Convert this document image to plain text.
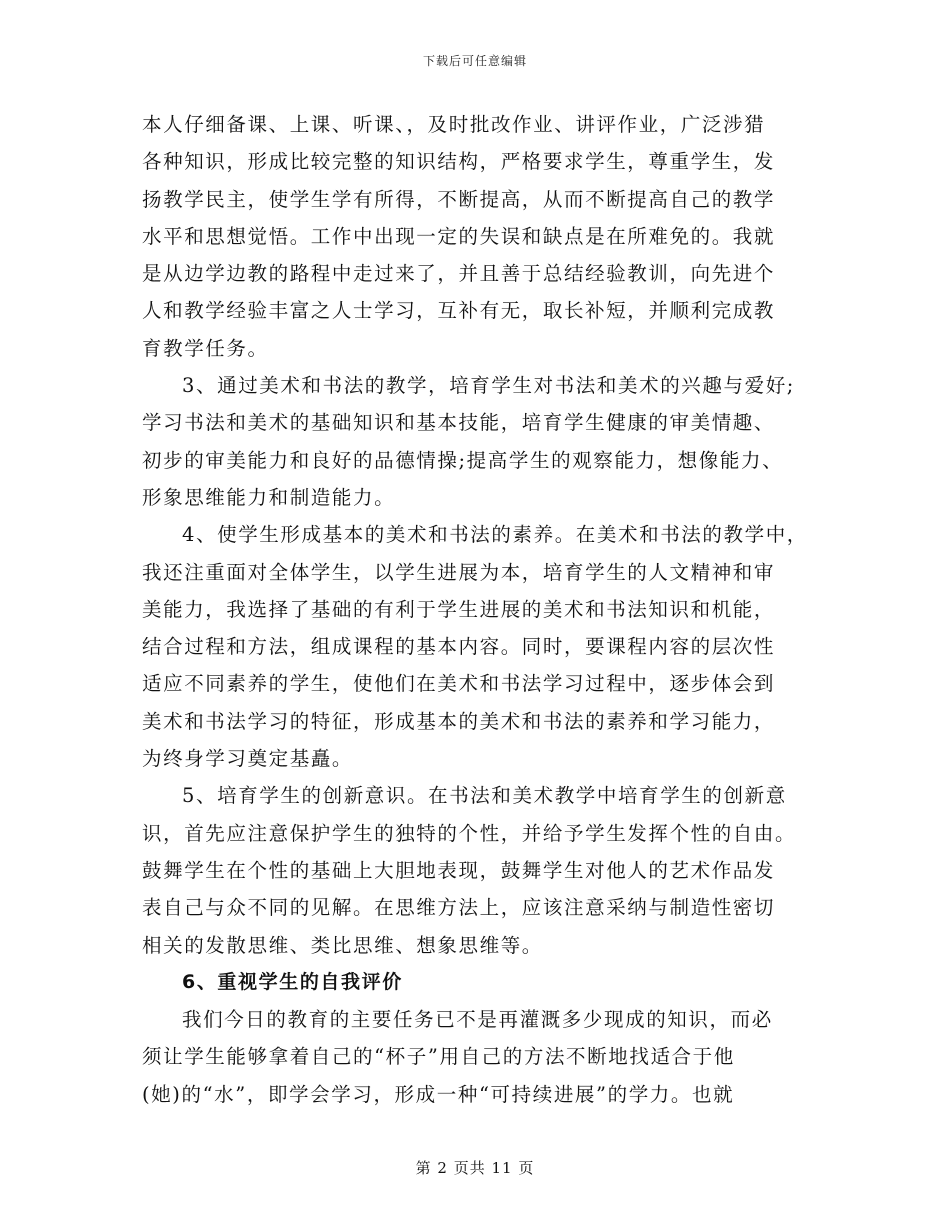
下载后可任意编辑
本人仔细备课、上课、听课、，及时批改作业、讲评作业，广泛涉猎
各种知识，形成比较完整的知识结构，严格要求学生，尊重学生，发
扬教学民主，使学生学有所得，不断提高，从而不断提高自己的教学
水平和思想觉悟。工作中出现一定的失误和缺点是在所难免的。我就
是从边学边教的路程中走过来了，并且善于总结经验教训，向先进个
人和教学经验丰富之人士学习，互补有无，取长补短，并顺利完成教
育教学任务。
3、通过美术和书法的教学，培育学生对书法和美术的兴趣与爱好;
学习书法和美术的基础知识和基本技能，培育学生健康的审美情趣、
初步的审美能力和良好的品德情操;提高学生的观察能力，想像能力、
形象思维能力和制造能力。
4、使学生形成基本的美术和书法的素养。在美术和书法的教学中，
我还注重面对全体学生，以学生进展为本，培育学生的人文精神和审
美能力，我选择了基础的有利于学生进展的美术和书法知识和机能，
结合过程和方法，组成课程的基本内容。同时，要课程内容的层次性
适应不同素养的学生，使他们在美术和书法学习过程中，逐步体会到
美术和书法学习的特征，形成基本的美术和书法的素养和学习能力，
为终身学习奠定基矗。
5、培育学生的创新意识。在书法和美术教学中培育学生的创新意
识，首先应注意保护学生的独特的个性，并给予学生发挥个性的自由。
鼓舞学生在个性的基础上大胆地表现，鼓舞学生对他人的艺术作品发
表自己与众不同的见解。在思维方法上，应该注意采纳与制造性密切
相关的发散思维、类比思维、想象思维等。
6、重视学生的自我评价
我们今日的教育的主要任务已不是再灌溉多少现成的知识，而必
须让学生能够拿着自己的“杯子”用自己的方法不断地找适合于他
(她)的“水”，即学会学习，形成一种“可持续进展”的学力。也就
第 2 页共 11 页
